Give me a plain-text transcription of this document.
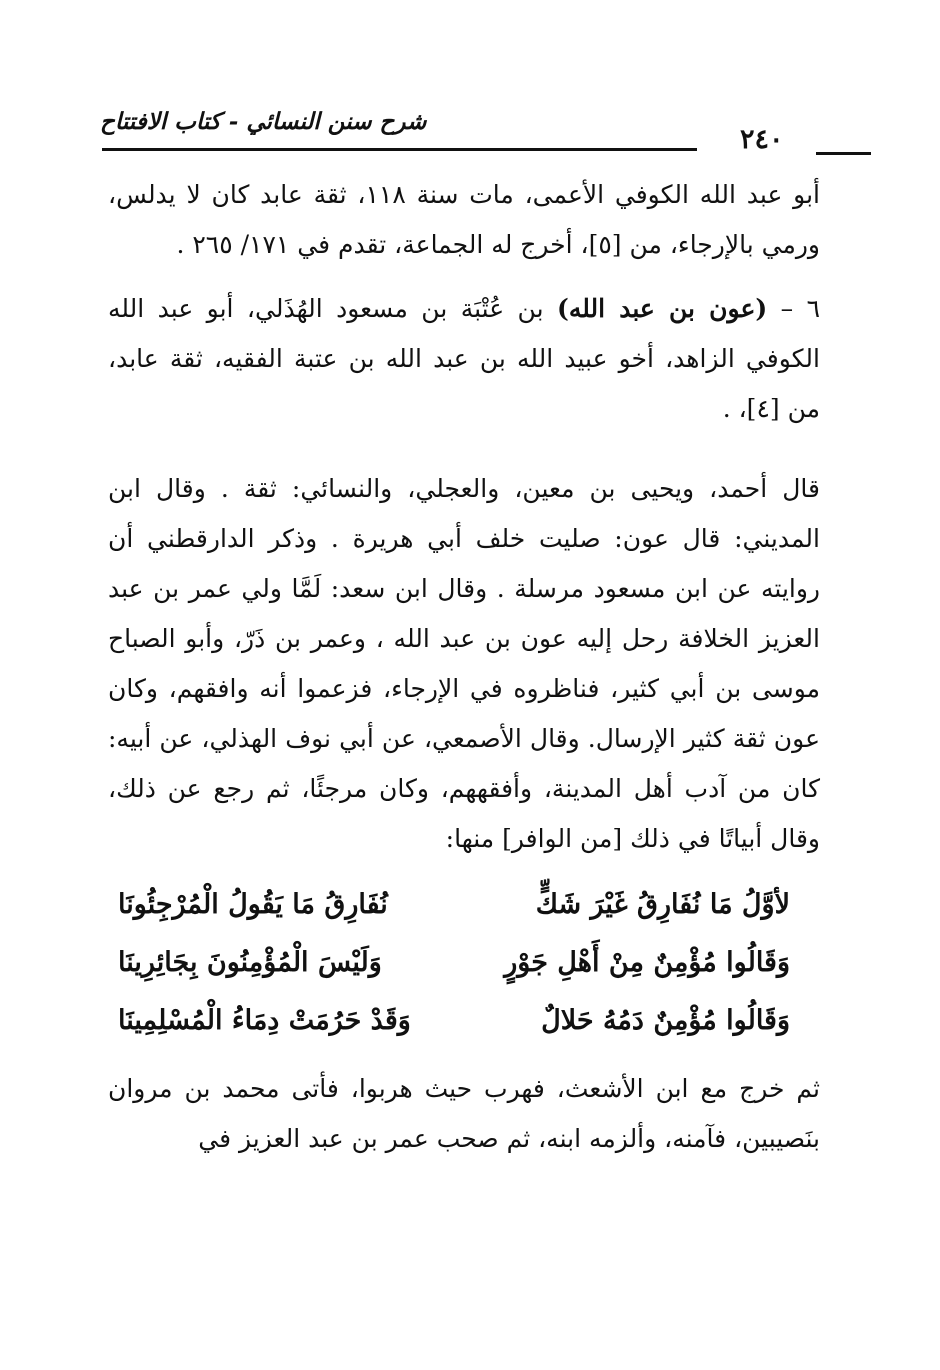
شرح سنن النسائي - كتاب الافتتاح
٢٤٠

أبو عبد الله الكوفي الأعمى، مات سنة ١١٨، ثقة عابد كان لا يدلس، ورمي بالإرجاء، من [٥]، أخرج له الجماعة، تقدم في ١٧١/ ٢٦٥ .

٦ – (عون بن عبد الله) بن عُتْبَة بن مسعود الهُذَلي، أبو عبد الله الكوفي الزاهد، أخو عبيد الله بن عبد الله بن عتبة الفقيه، ثقة عابد، من [٤]، .

قال أحمد، ويحيى بن معين، والعجلي، والنسائي: ثقة . وقال ابن المديني: قال عون: صليت خلف أبي هريرة . وذكر الدارقطني أن روايته عن ابن مسعود مرسلة . وقال ابن سعد: لَمَّا ولي عمر بن عبد العزيز الخلافة رحل إليه عون بن عبد الله ، وعمر بن ذَرّ، وأبو الصباح موسى بن أبي كثير، فناظروه في الإرجاء، فزعموا أنه وافقهم، وكان عون ثقة كثير الإرسال. وقال الأصمعي، عن أبي نوف الهذلي، عن أبيه: كان من آدب أهل المدينة، وأفقههم، وكان مرجئًا، ثم رجع عن ذلك، وقال أبياتًا في ذلك [من الوافر] منها:

لأوَّلُ مَا نُفَارِقُ غَيْرَ شَكٍّ
نُفَارِقُ مَا يَقُولُ الْمُرْجِئُونَا
وَقَالُوا مُؤْمِنٌ مِنْ أَهْلِ جَوْرٍ
وَلَيْسَ الْمُؤْمِنُونَ بِجَائِرِينَا
وَقَالُوا مُؤْمِنٌ دَمُهُ حَلالٌ
وَقَدْ حَرُمَتْ دِمَاءُ الْمُسْلِمِينَا

ثم خرج مع ابن الأشعث، فهرب حيث هربوا، فأتى محمد بن مروان بنَصيبين، فآمنه، وألزمه ابنه، ثم صحب عمر بن عبد العزيز في
